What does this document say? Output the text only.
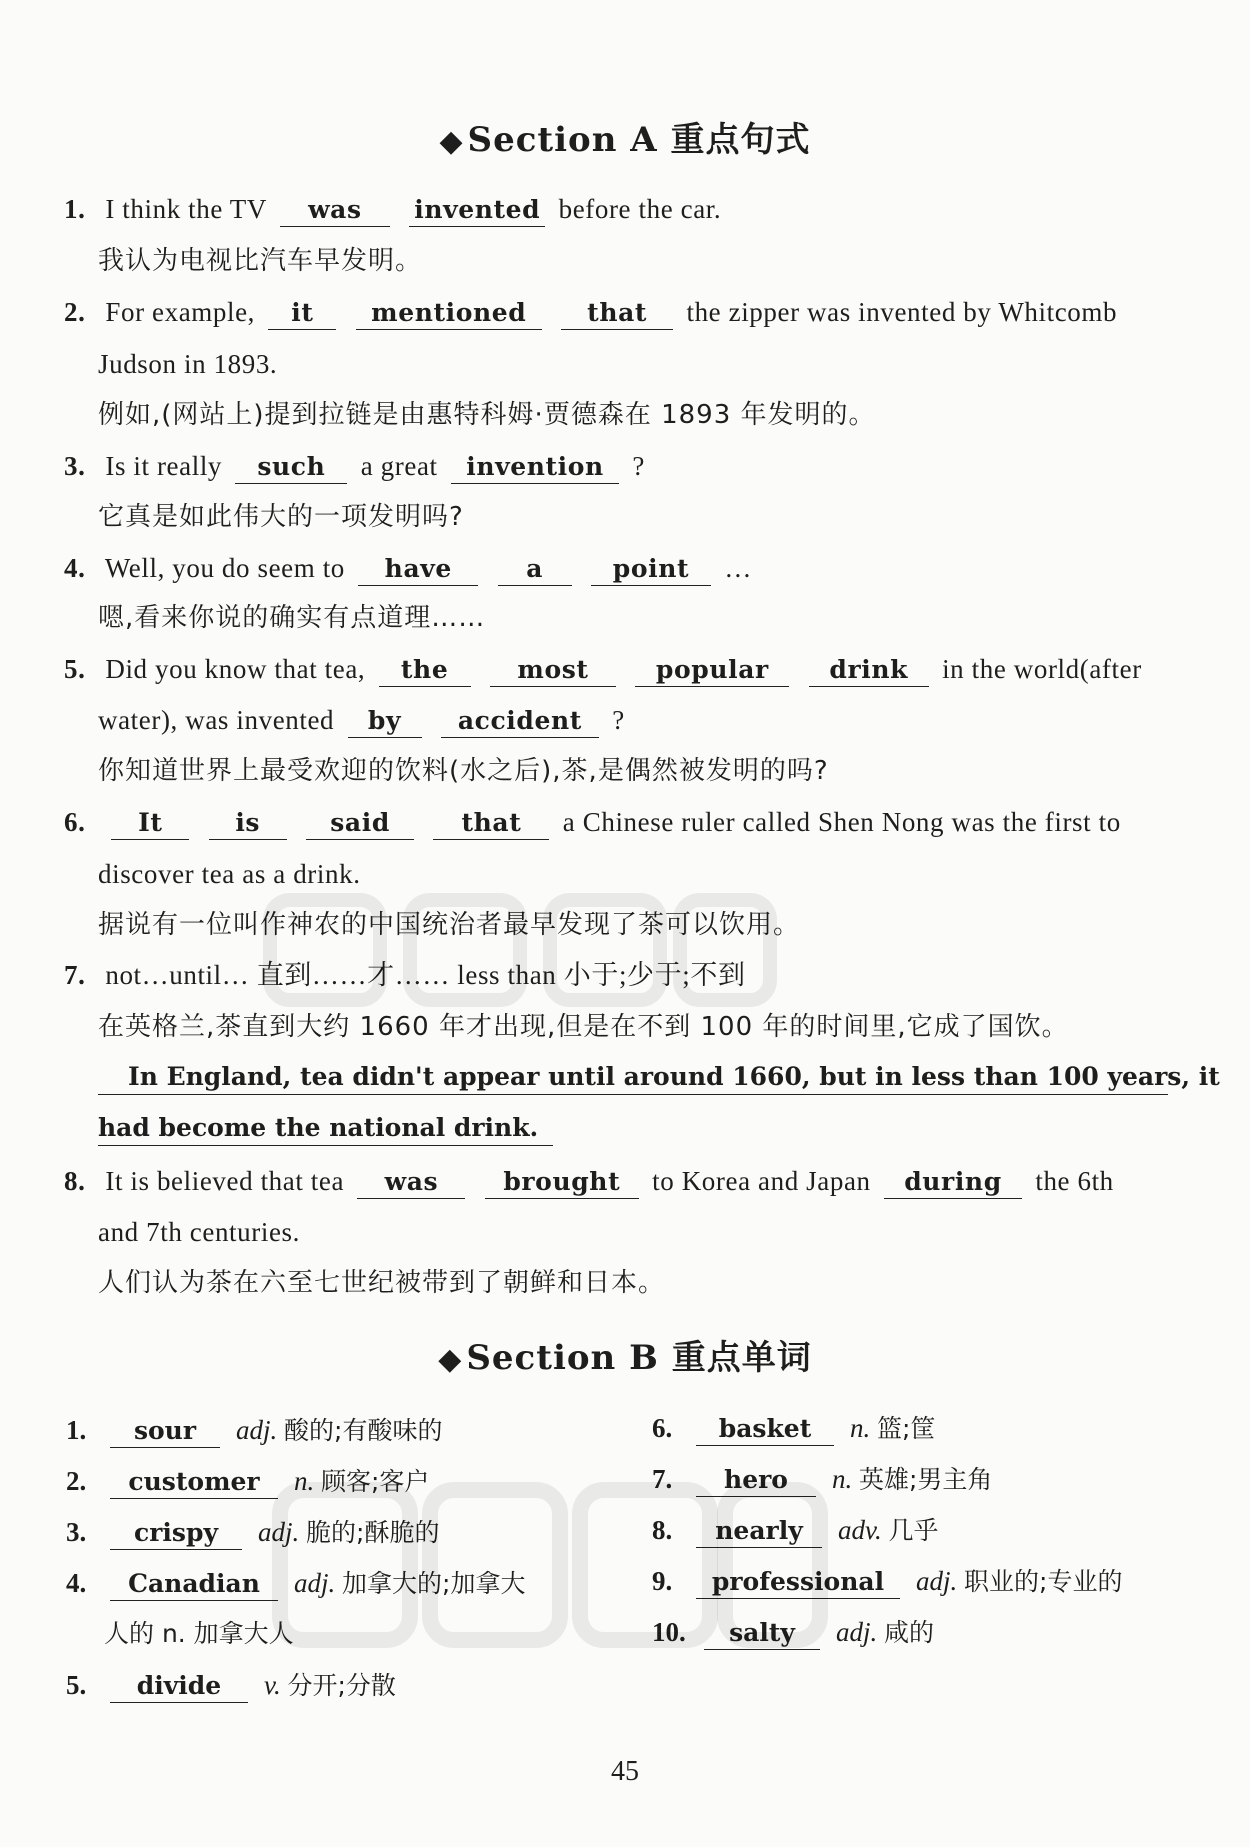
◆ Section A 重点句式
1. I think the TV was invented before the car.
我认为电视比汽车早发明。
2. For example, it mentioned that the zipper was invented by Whitcomb
Judson in 1893.
例如,(网站上)提到拉链是由惠特科姆·贾德森在 1893 年发明的。
3. Is it really such a great invention ?
它真是如此伟大的一项发明吗?
4. Well, you do seem to have	a	point …
嗯,看来你说的确实有点道理……
5. Did you know that tea, the	most	popular drink in the world(after
water), was invented by accident ?
你知道世界上最受欢迎的饮料(水之后),茶,是偶然被发明的吗?
6. It	is	said	that a Chinese ruler called Shen Nong was the first to
discover tea as a drink.
据说有一位叫作神农的中国统治者最早发现了茶可以饮用。
7. not…until… 直到……才…… less than 小于;少于;不到
在英格兰,茶直到大约 1660 年才出现,但是在不到 100 年的时间里,它成了国饮。
In England, tea didn't appear until around 1660, but in less than 100 years, it
had become the national drink.
8. It is believed that tea was	brought to Korea and Japan during the 6th
and 7th centuries.
人们认为茶在六至七世纪被带到了朝鲜和日本。
◆ Section B 重点单词
1. sour adj. 酸的;有酸味的
2. customer n. 顾客;客户
3. crispy adj. 脆的;酥脆的
4. Canadian adj. 加拿大的;加拿大
人的 n. 加拿大人
5. divide v. 分开;分散
6. basket n. 篮;筐
7. hero n. 英雄;男主角
8. nearly adv. 几乎
9. professional adj. 职业的;专业的
10. salty adj. 咸的
45
